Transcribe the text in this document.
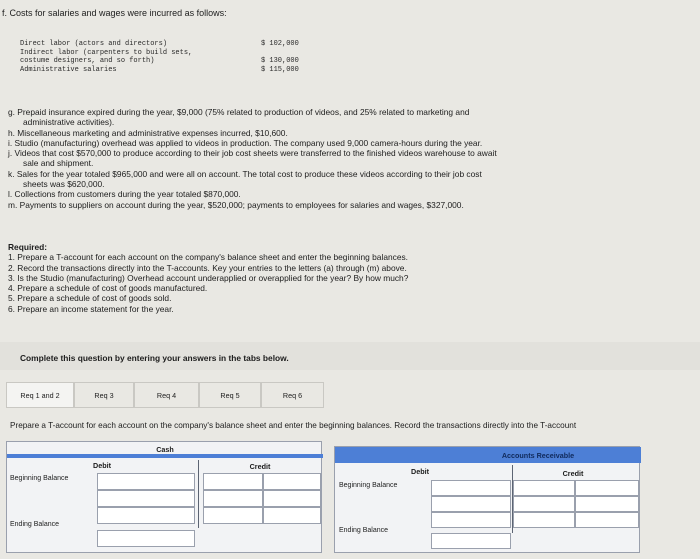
f. Costs for salaries and wages were incurred as follows:
Direct labor (actors and directors)	$ 102,000
Indirect labor (carpenters to build sets,
costume designers, and so forth)	$ 130,000
Administrative salaries	$ 115,000
g. Prepaid insurance expired during the year, $9,000 (75% related to production of videos, and 25% related to marketing and
administrative activities).
h. Miscellaneous marketing and administrative expenses incurred, $10,600.
i. Studio (manufacturing) overhead was applied to videos in production. The company used 9,000 camera-hours during the year.
j. Videos that cost $570,000 to produce according to their job cost sheets were transferred to the finished videos warehouse to await
sale and shipment.
k. Sales for the year totaled $965,000 and were all on account. The total cost to produce these videos according to their job cost
sheets was $620,000.
l. Collections from customers during the year totaled $870,000.
m. Payments to suppliers on account during the year, $520,000; payments to employees for salaries and wages, $327,000.
Required:
1. Prepare a T-account for each account on the company's balance sheet and enter the beginning balances.
2. Record the transactions directly into the T-accounts. Key your entries to the letters (a) through (m) above.
3. Is the Studio (manufacturing) Overhead account underapplied or overapplied for the year? By how much?
4. Prepare a schedule of cost of goods manufactured.
5. Prepare a schedule of cost of goods sold.
6. Prepare an income statement for the year.
Complete this question by entering your answers in the tabs below.
Req 1 and 2	Req 3	Req 4	Req 5	Req 6
Prepare a T-account for each account on the company's balance sheet and enter the beginning balances. Record the transactions directly into the T-account
Cash
Debit	Credit
Beginning Balance
Ending Balance
Accounts Receivable
Debit	Credit
Beginning Balance
Ending Balance
